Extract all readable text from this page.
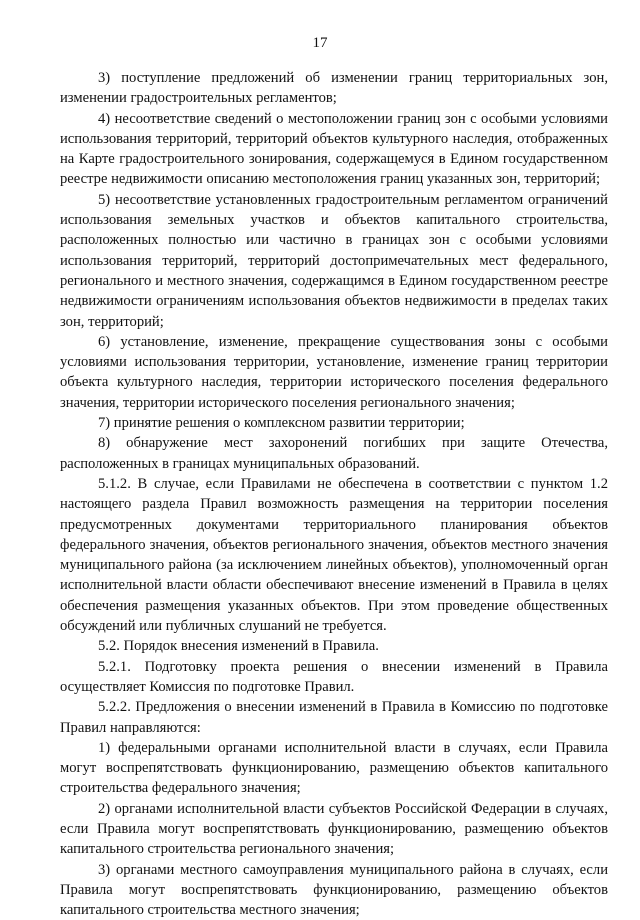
17

3) поступление предложений об изменении границ территориальных зон, изменении градостроительных регламентов;

4) несоответствие сведений о местоположении границ зон с особыми условиями использования территорий, территорий объектов культурного наследия, отображенных на Карте градостроительного зонирования, содержащемуся в Едином государственном реестре недвижимости описанию местоположения границ указанных зон, территорий;

5) несоответствие установленных градостроительным регламентом ограничений использования земельных участков и объектов капитального строительства, расположенных полностью или частично в границах зон с особыми условиями использования территорий, территорий достопримечательных мест федерального, регионального и местного значения, содержащимся в Едином государственном реестре недвижимости ограничениям использования объектов недвижимости в пределах таких зон, территорий;

6) установление, изменение, прекращение существования зоны с особыми условиями использования территории, установление, изменение границ территории объекта культурного наследия, территории исторического поселения федерального значения, территории исторического поселения регионального значения;

7) принятие решения о комплексном развитии территории;

8) обнаружение мест захоронений погибших при защите Отечества, расположенных в границах муниципальных образований.

5.1.2. В случае, если Правилами не обеспечена в соответствии с пунктом 1.2 настоящего раздела Правил возможность размещения на территории поселения предусмотренных документами территориального планирования объектов федерального значения, объектов регионального значения, объектов местного значения муниципального района (за исключением линейных объектов), уполномоченный орган исполнительной власти области обеспечивают внесение изменений в Правила в целях обеспечения размещения указанных объектов. При этом проведение общественных обсуждений или публичных слушаний не требуется.

5.2. Порядок внесения изменений в Правила.

5.2.1. Подготовку проекта решения о внесении изменений в Правила осуществляет Комиссия по подготовке Правил.

5.2.2. Предложения о внесении изменений в Правила в Комиссию по подготовке Правил направляются:

1) федеральными органами исполнительной власти в случаях, если Правила могут воспрепятствовать функционированию, размещению объектов капитального строительства федерального значения;

2) органами исполнительной власти субъектов Российской Федерации в случаях, если Правила могут воспрепятствовать функционированию, размещению объектов капитального строительства регионального значения;

3) органами местного самоуправления муниципального района в случаях, если Правила могут воспрепятствовать функционированию, размещению объектов капитального строительства местного значения;
